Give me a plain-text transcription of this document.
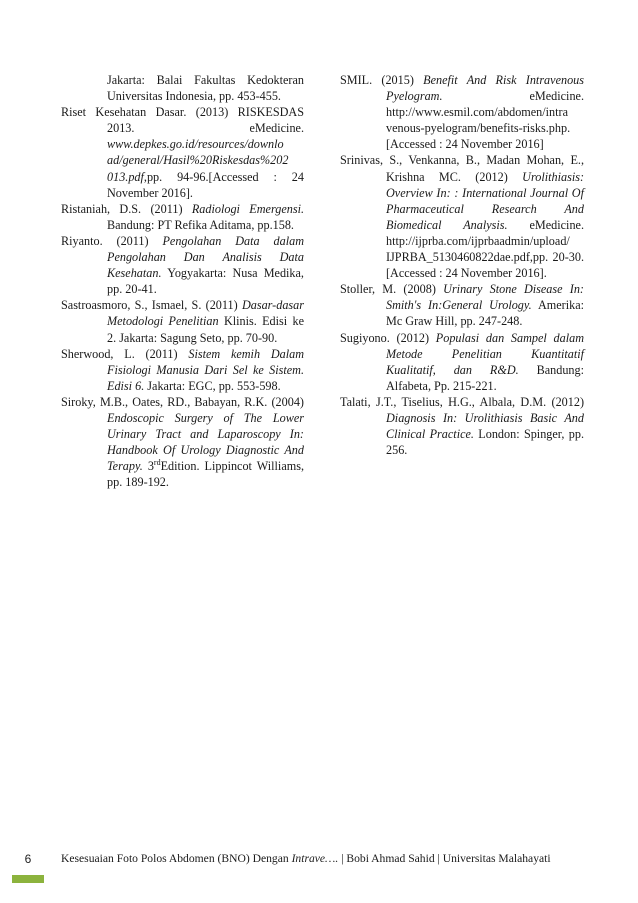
Jakarta: Balai Fakultas Kedokteran Universitas Indonesia, pp. 453-455.

Riset Kesehatan Dasar. (2013) RISKESDAS 2013.	eMedicine. www.depkes.go.id/resources/downlo ad/general/Hasil%20Riskesdas%202 013.pdf,pp. 94-96.[Accessed : 24 November 2016].

Ristaniah, D.S. (2011) Radiologi Emergensi. Bandung: PT Refika Aditama, pp.158.

Riyanto. (2011) Pengolahan Data dalam Pengolahan Dan Analisis Data Kesehatan. Yogyakarta: Nusa Medika, pp. 20-41.

Sastroasmoro, S., Ismael, S. (2011) Dasar-dasar Metodologi Penelitian Klinis. Edisi ke 2. Jakarta: Sagung Seto, pp. 70-90.

Sherwood, L. (2011) Sistem kemih Dalam Fisiologi Manusia Dari Sel ke Sistem. Edisi 6. Jakarta: EGC, pp. 553-598.

Siroky, M.B., Oates, RD., Babayan, R.K. (2004) Endoscopic Surgery of The Lower Urinary Tract and Laparoscopy In: Handbook Of Urology Diagnostic And Terapy. 3rdEdition. Lippincot Williams, pp. 189-192.

SMIL. (2015) Benefit And Risk Intravenous Pyelogram.	eMedicine. http://www.esmil.com/abdomen/intra venous-pyelogram/benefits-risks.php. [Accessed : 24 November 2016]

Srinivas, S., Venkanna, B., Madan Mohan, E., Krishna MC. (2012) Urolithiasis: Overview In: : International Journal Of Pharmaceutical Research And Biomedical Analysis. eMedicine. http://ijprba.com/ijprbaadmin/upload/ IJPRBA_5130460822dae.pdf,pp. 20-30.[Accessed : 24 November 2016].

Stoller, M. (2008) Urinary Stone Disease In: Smith's In:General Urology. Amerika: Mc Graw Hill, pp. 247-248.

Sugiyono. (2012) Populasi dan Sampel dalam Metode Penelitian Kuantitatif Kualitatif, dan R&D. Bandung: Alfabeta, Pp. 215-221.

Talati, J.T., Tiselius, H.G., Albala, D.M. (2012) Diagnosis In: Urolithiasis Basic And Clinical Practice. London: Spinger, pp. 256.

6	Kesesuaian Foto Polos Abdomen (BNO) Dengan Intrave…. | Bobi Ahmad Sahid | Universitas Malahayati
